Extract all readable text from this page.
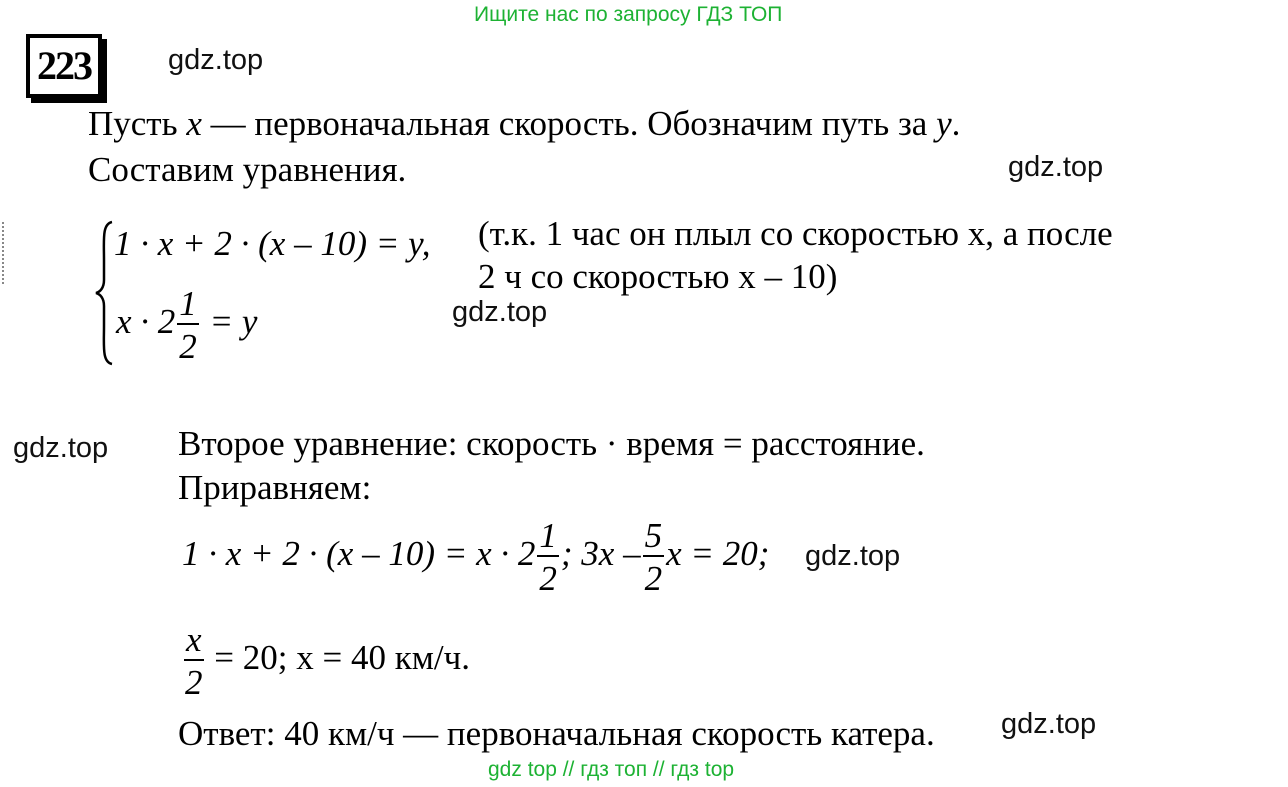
Ищите нас по запросу ГДЗ ТОП
223	gdz.top
gdz.top
gdz.top
gdz.top
gdz.top
gdz.top
Пусть x — первоначальная скорость. Обозначим путь за y.
Составим уравнения.
1 · x + 2 · (x – 10) = y,
$x \cdot 2 \frac{1}{2} = y$
(т.к. 1 час он плыл со скоростью x, а после
2 ч со скоростью x – 10)
Второе уравнение: скорость · время = расстояние.
Приравняем:
$1 \cdot x + 2 \cdot (x - 10) = x \cdot 2 \frac{1}{2}$ ; $3x - \frac{5}{2}$ x = 20;
$\frac{x}{2} = 20$; x = 40 км/ч.
Ответ: 40 км/ч — первоначальная скорость катера.
gdz top // гдз топ // гдз top
